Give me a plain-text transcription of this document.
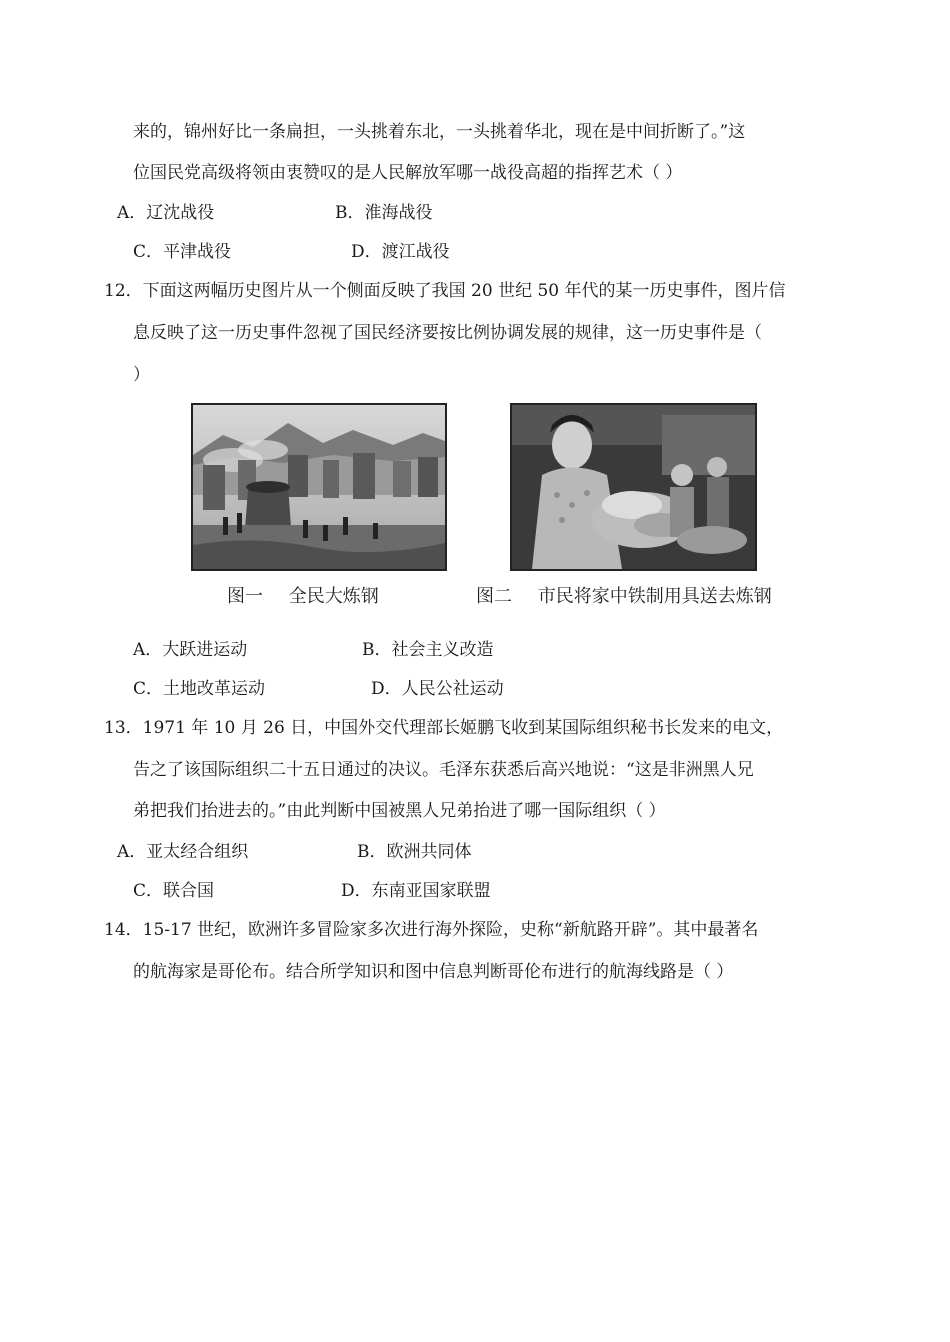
来的，锦州好比一条扁担，一头挑着东北，一头挑着华北，现在是中间折断了。”这
位国民党高级将领由衷赞叹的是人民解放军哪一战役高超的指挥艺术（ ）
A．辽沈战役	B．淮海战役
C．平津战役	D．渡江战役
12．下面这两幅历史图片从一个侧面反映了我国 20 世纪 50 年代的某一历史事件，图片信
息反映了这一历史事件忽视了国民经济要按比例协调发展的规律，这一历史事件是（
）
图一 全民大炼钢	图二 市民将家中铁制用具送去炼钢
A．大跃进运动	B．社会主义改造
C．土地改革运动	D．人民公社运动
13．1971 年 10 月 26 日，中国外交代理部长姬鹏飞收到某国际组织秘书长发来的电文，
告之了该国际组织二十五日通过的决议。毛泽东获悉后高兴地说：“这是非洲黑人兄
弟把我们抬进去的。”由此判断中国被黑人兄弟抬进了哪一国际组织（ ）
A．亚太经合组织	B．欧洲共同体
C．联合国	D．东南亚国家联盟
14．15-17 世纪，欧洲许多冒险家多次进行海外探险，史称“新航路开辟”。其中最著名
的航海家是哥伦布。结合所学知识和图中信息判断哥伦布进行的航海线路是（ ）
